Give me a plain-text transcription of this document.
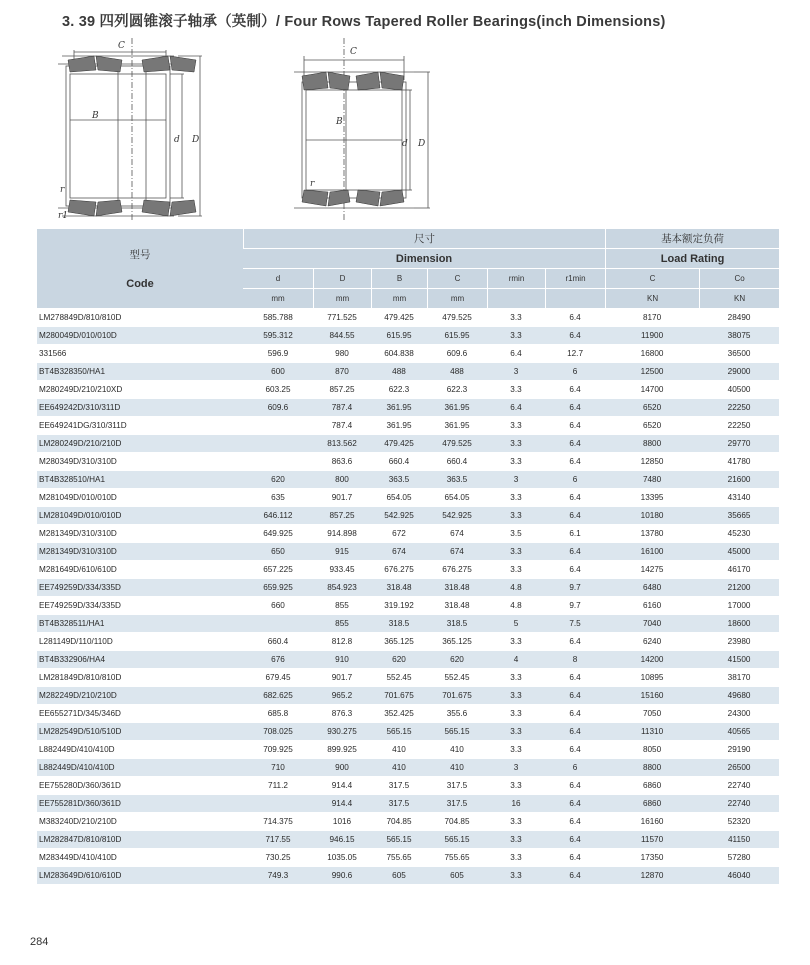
3. 39 四列圆锥滚子轴承（英制）/ Four Rows Tapered Roller Bearings(inch Dimensions)
C
B
d D
r
r1
C
B
d D
r
型号
Code	尺寸						基本额定负荷	
	Dimension						Load Rating	
	d	D	B	C	rmin	r1min	C	Co
	mm	mm	mm	mm			KN	KN
LM278849D/810/810D	585.788	771.525	479.425	479.525	3.3	6.4	8170	28490
M280049D/010/010D	595.312	844.55	615.95	615.95	3.3	6.4	11900	38075
331566	596.9	980	604.838	609.6	6.4	12.7	16800	36500
BT4B328350/HA1	600	870	488	488	3	6	12500	29000
M280249D/210/210XD	603.25	857.25	622.3	622.3	3.3	6.4	14700	40500
EE649242D/310/311D	609.6	787.4	361.95	361.95	6.4	6.4	6520	22250
EE649241DG/310/311D		787.4	361.95	361.95	3.3	6.4	6520	22250
LM280249D/210/210D		813.562	479.425	479.525	3.3	6.4	8800	29770
M280349D/310/310D		863.6	660.4	660.4	3.3	6.4	12850	41780
BT4B328510/HA1	620	800	363.5	363.5	3	6	7480	21600
M281049D/010/010D	635	901.7	654.05	654.05	3.3	6.4	13395	43140
LM281049D/010/010D	646.112	857.25	542.925	542.925	3.3	6.4	10180	35665
M281349D/310/310D	649.925	914.898	672	674	3.5	6.1	13780	45230
M281349D/310/310D	650	915	674	674	3.3	6.4	16100	45000
M281649D/610/610D	657.225	933.45	676.275	676.275	3.3	6.4	14275	46170
EE749259D/334/335D	659.925	854.923	318.48	318.48	4.8	9.7	6480	21200
EE749259D/334/335D	660	855	319.192	318.48	4.8	9.7	6160	17000
BT4B328511/HA1		855	318.5	318.5	5	7.5	7040	18600
L281149D/110/110D	660.4	812.8	365.125	365.125	3.3	6.4	6240	23980
BT4B332906/HA4	676	910	620	620	4	8	14200	41500
LM281849D/810/810D	679.45	901.7	552.45	552.45	3.3	6.4	10895	38170
M282249D/210/210D	682.625	965.2	701.675	701.675	3.3	6.4	15160	49680
EE655271D/345/346D	685.8	876.3	352.425	355.6	3.3	6.4	7050	24300
LM282549D/510/510D	708.025	930.275	565.15	565.15	3.3	6.4	11310	40565
L882449D/410/410D	709.925	899.925	410	410	3.3	6.4	8050	29190
L882449D/410/410D	710	900	410	410	3	6	8800	26500
EE755280D/360/361D	711.2	914.4	317.5	317.5	3.3	6.4	6860	22740
EE755281D/360/361D		914.4	317.5	317.5	16	6.4	6860	22740
M383240D/210/210D	714.375	1016	704.85	704.85	3.3	6.4	16160	52320
LM282847D/810/810D	717.55	946.15	565.15	565.15	3.3	6.4	11570	41150
M283449D/410/410D	730.25	1035.05	755.65	755.65	3.3	6.4	17350	57280
LM283649D/610/610D	749.3	990.6	605	605	3.3	6.4	12870	46040
284
